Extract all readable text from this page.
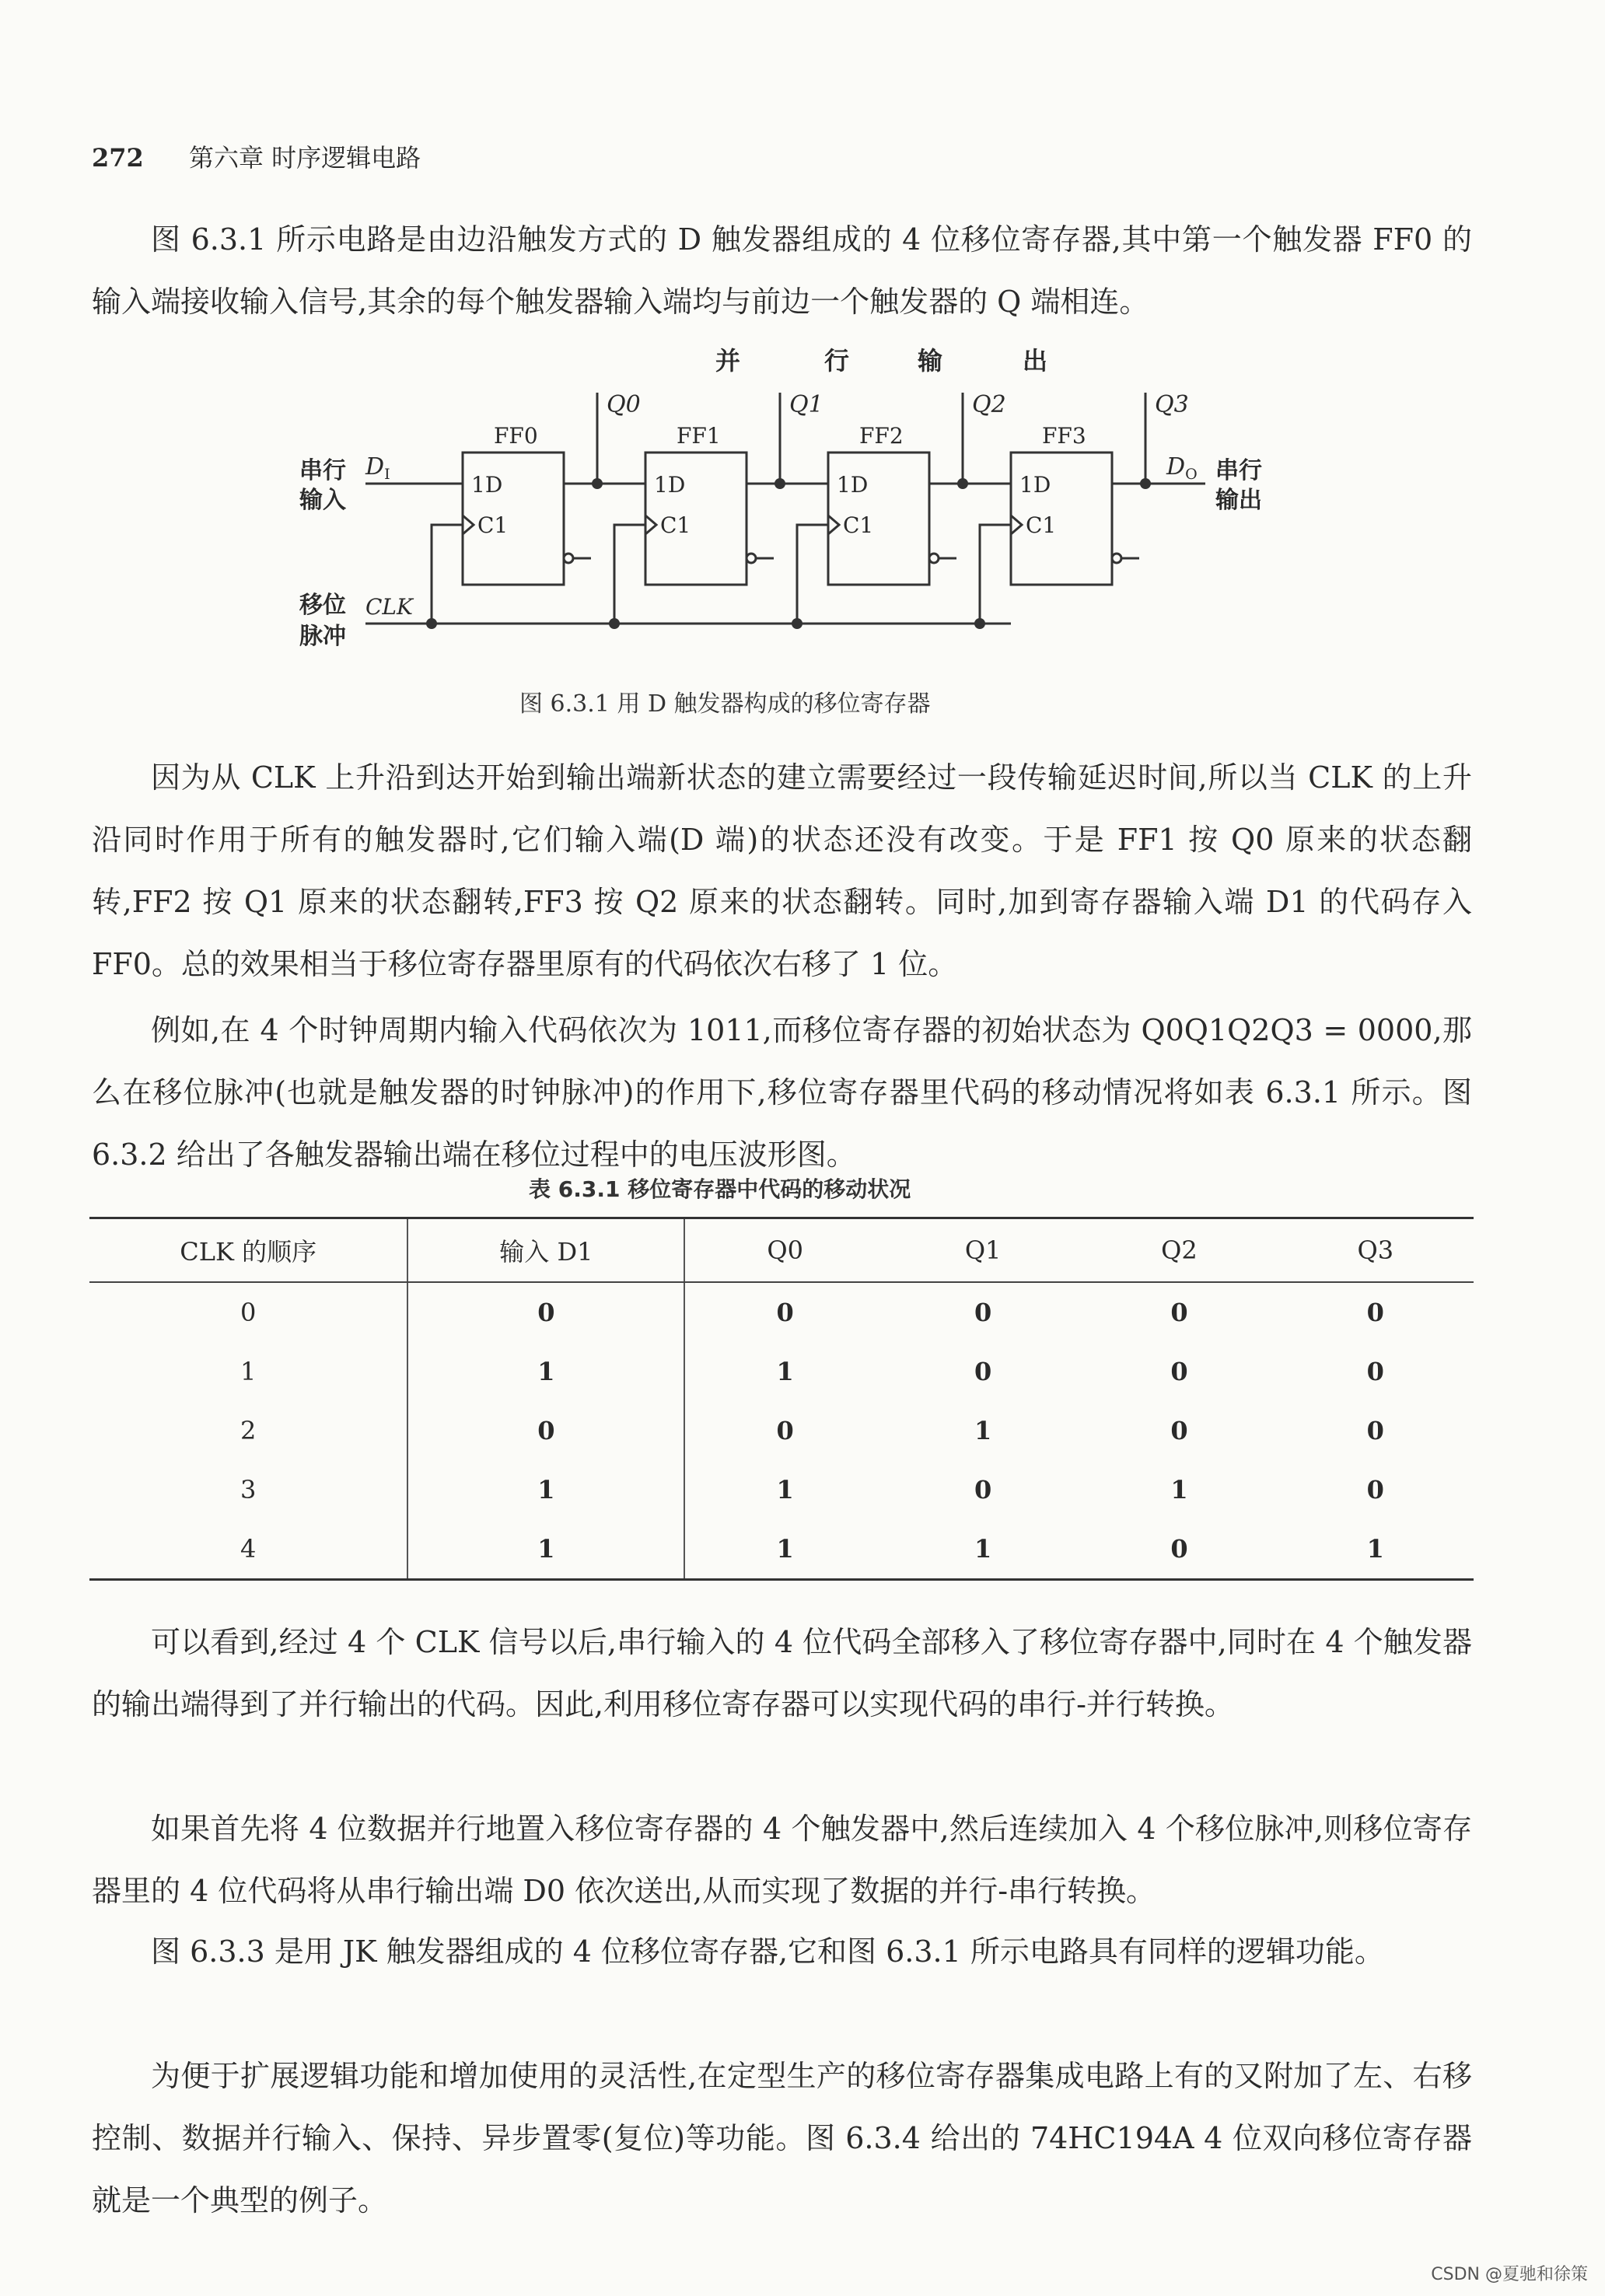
272 第六章 时序逻辑电路
图 6.3.1 所示电路是由边沿触发方式的 D 触发器组成的 4 位移位寄存器,其中第一个触发器 FF0 的输入端接收输入信号,其余的每个触发器输入端均与前边一个触发器的 Q 端相连。
并	行	输	出
Q0	Q1	Q2	Q3
FF0	FF1	FF2	FF3
1D	1D	1D	1D
C1	C1	C1	C1
串行
输入
$D_I$	$D_O$ 串行
输出
移位
脉冲
CLK
图 6.3.1 用 D 触发器构成的移位寄存器
因为从 CLK 上升沿到达开始到输出端新状态的建立需要经过一段传输延迟时间,所以当 CLK 的上升沿同时作用于所有的触发器时,它们输入端(D 端)的状态还没有改变。于是 FF1 按 Q0 原来的状态翻转,FF2 按 Q1 原来的状态翻转,FF3 按 Q2 原来的状态翻转。同时,加到寄存器输入端 D1 的代码存入 FF0。总的效果相当于移位寄存器里原有的代码依次右移了 1 位。
例如,在 4 个时钟周期内输入代码依次为 1011,而移位寄存器的初始状态为 Q0Q1Q2Q3 = 0000,那么在移位脉冲(也就是触发器的时钟脉冲)的作用下,移位寄存器里代码的移动情况将如表 6.3.1 所示。图 6.3.2 给出了各触发器输出端在移位过程中的电压波形图。
表 6.3.1 移位寄存器中代码的移动状况
CLK 的顺序	输入 D1	Q0	Q1	Q2	Q3
0	0	0	0	0	0
1	1	1	0	0	0
2	0	0	1	0	0
3	1	1	0	1	0
4	1	1	1	0	1
可以看到,经过 4 个 CLK 信号以后,串行输入的 4 位代码全部移入了移位寄存器中,同时在 4 个触发器的输出端得到了并行输出的代码。因此,利用移位寄存器可以实现代码的串行-并行转换。
如果首先将 4 位数据并行地置入移位寄存器的 4 个触发器中,然后连续加入 4 个移位脉冲,则移位寄存器里的 4 位代码将从串行输出端 D0 依次送出,从而实现了数据的并行-串行转换。
图 6.3.3 是用 JK 触发器组成的 4 位移位寄存器,它和图 6.3.1 所示电路具有同样的逻辑功能。
为便于扩展逻辑功能和增加使用的灵活性,在定型生产的移位寄存器集成电路上有的又附加了左、右移控制、数据并行输入、保持、异步置零(复位)等功能。图 6.3.4 给出的 74HC194A 4 位双向移位寄存器就是一个典型的例子。
CSDN @夏驰和徐策
